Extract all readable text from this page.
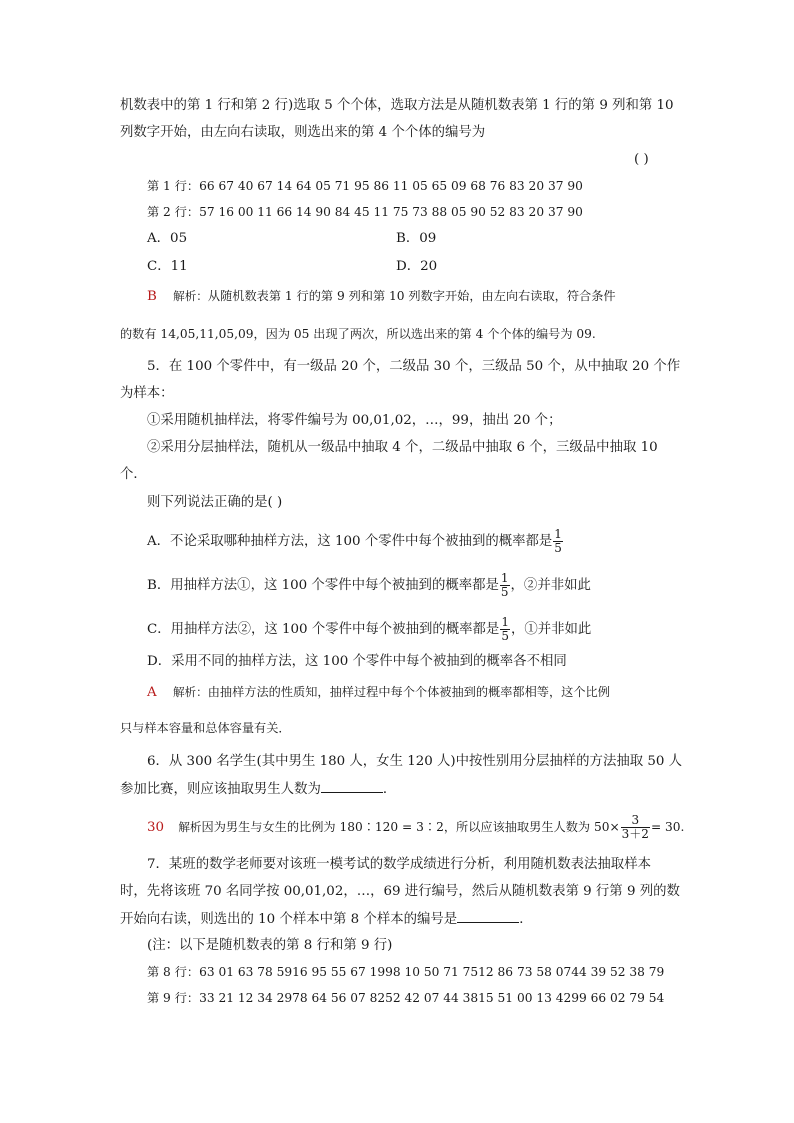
机数表中的第 1 行和第 2 行)选取 5 个个体，选取方法是从随机数表第 1 行的第 9 列和第 10
列数字开始，由左向右读取，则选出来的第 4 个个体的编号为
( )
第 1 行：66 67 40 67 14 64 05 71 95 86 11 05 65 09 68 76 83 20 37 90
第 2 行：57 16 00 11 66 14 90 84 45 11 75 73 88 05 90 52 83 20 37 90
A．05	B．09
C．11	D．20
B 解析：从随机数表第 1 行的第 9 列和第 10 列数字开始，由左向右读取，符合条件
的数有 14,05,11,05,09，因为 05 出现了两次，所以选出来的第 4 个个体的编号为 09.
5．在 100 个零件中，有一级品 20 个，二级品 30 个，三级品 50 个，从中抽取 20 个作
为样本：
①采用随机抽样法，将零件编号为 00,01,02，…，99，抽出 20 个；
②采用分层抽样法，随机从一级品中抽取 4 个，二级品中抽取 6 个，三级品中抽取 10
个．
则下列说法正确的是( )
A．不论采取哪种抽样方法，这 100 个零件中每个被抽到的概率都是 $\frac{1}{5}$
B．用抽样方法①，这 100 个零件中每个被抽到的概率都是 $\frac{1}{5}$ ，②并非如此
C．用抽样方法②，这 100 个零件中每个被抽到的概率都是 $\frac{1}{5}$ ，①并非如此
D．采用不同的抽样方法，这 100 个零件中每个被抽到的概率各不相同
A 解析：由抽样方法的性质知，抽样过程中每个个体被抽到的概率都相等，这个比例
只与样本容量和总体容量有关．
6．从 300 名学生(其中男生 180 人，女生 120 人)中按性别用分层抽样的方法抽取 50 人
参加比赛，则应该抽取男生人数为	．
30 解析因为男生与女生的比例为 180∶120 = 3∶2，所以应该抽取男生人数为 $50\times \frac{3}{3+2} = 30$.
7．某班的数学老师要对该班一模考试的数学成绩进行分析，利用随机数表法抽取样本
时，先将该班 70 名同学按 00,01,02，…，69 进行编号，然后从随机数表第 9 行第 9 列的数
开始向右读，则选出的 10 个样本中第 8 个样本的编号是	．
(注：以下是随机数表的第 8 行和第 9 行)
第 8 行：63 01 63 78 5916 95 55 67 1998 10 50 71 7512 86 73 58 0744 39 52 38 79
第 9 行：33 21 12 34 2978 64 56 07 8252 42 07 44 3815 51 00 13 4299 66 02 79 54
